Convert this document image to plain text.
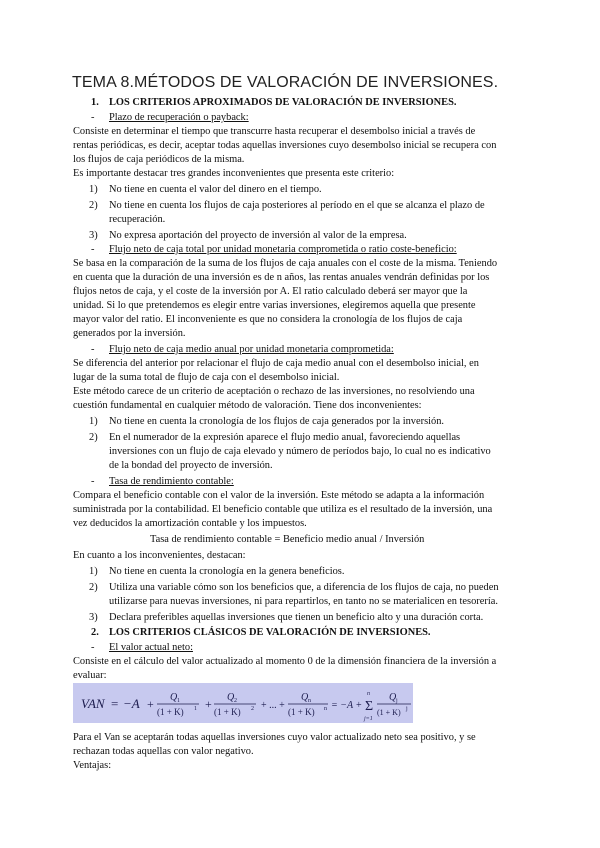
TEMA 8.MÉTODOS DE VALORACIÓN DE INVERSIONES.
1. LOS CRITERIOS APROXIMADOS DE VALORACIÓN DE INVERSIONES.
- Plazo de recuperación o payback:
Consiste en determinar el tiempo que transcurre hasta recuperar el desembolso inicial a través de
rentas periódicas, es decir, aceptar todas aquellas inversiones cuyo desembolso inicial se recupera con
los flujos de caja periódicos de la misma.
Es importante destacar tres grandes inconvenientes que presenta este criterio:
1) No tiene en cuenta el valor del dinero en el tiempo.
2) No tiene en cuenta los flujos de caja posteriores al período en el que se alcanza el plazo de
recuperación.
3) No expresa aportación del proyecto de inversión al valor de la empresa.
- Flujo neto de caja total por unidad monetaria comprometida o ratio coste-beneficio:
Se basa en la comparación de la suma de los flujos de caja anuales con el coste de la misma. Teniendo
en cuenta que la duración de una inversión es de n años, las rentas anuales vendrán definidas por los
flujos netos de caja, y el coste de la inversión por A. El ratio calculado deberá ser mayor que la
unidad. Si lo que pretendemos es elegir entre varias inversiones, elegiremos aquella que presente
mayor valor del ratio. El inconveniente es que no considera la cronología de los flujos de caja
generados por la inversión.
- Flujo neto de caja medio anual por unidad monetaria comprometida:
Se diferencia del anterior por relacionar el flujo de caja medio anual con el desembolso inicial, en
lugar de la suma total de flujo de caja con el desembolso inicial.
Este método carece de un criterio de aceptación o rechazo de las inversiones, no resolviendo una
cuestión fundamental en cualquier método de valoración. Tiene dos inconvenientes:
1) No tiene en cuenta la cronología de los flujos de caja generados por la inversión.
2) En el numerador de la expresión aparece el flujo medio anual, favoreciendo aquellas
inversiones con un flujo de caja elevado y número de períodos bajo, lo cual no es indicativo
de la bondad del proyecto de inversión.
- Tasa de rendimiento contable:
Compara el beneficio contable con el valor de la inversión. Este método se adapta a la información
suministrada por la contabilidad. El beneficio contable que utiliza es el resultado de la inversión, una
vez deducidos la amortización contable y los impuestos.
Tasa de rendimiento contable = Beneficio medio anual / Inversión
En cuanto a los inconvenientes, destacan:
1) No tiene en cuenta la cronología en la genera beneficios.
2) Utiliza una variable cómo son los beneficios que, a diferencia de los flujos de caja, no pueden
utilizarse para nuevas inversiones, ni para repartirlos, en tanto no se materialicen en tesorería.
3) Declara preferibles aquellas inversiones que tienen un beneficio alto y una duración corta.
2. LOS CRITERIOS CLÁSICOS DE VALORACIÓN DE INVERSIONES.
- El valor actual neto:
Consiste en el cálculo del valor actualizado al momento 0 de la dimensión financiera de la inversión a
evaluar:
VAN = −A + Q 1
(1 + K) 1 + Q 2
(1 + K) 2 + ... +
Q n
(1 + K) n = −A + Σ
n
j=1
Q j
(1 + K) j
Para el Van se aceptarán todas aquellas inversiones cuyo valor actualizado neto sea positivo, y se
rechazan todas aquellas con valor negativo.
Ventajas:
